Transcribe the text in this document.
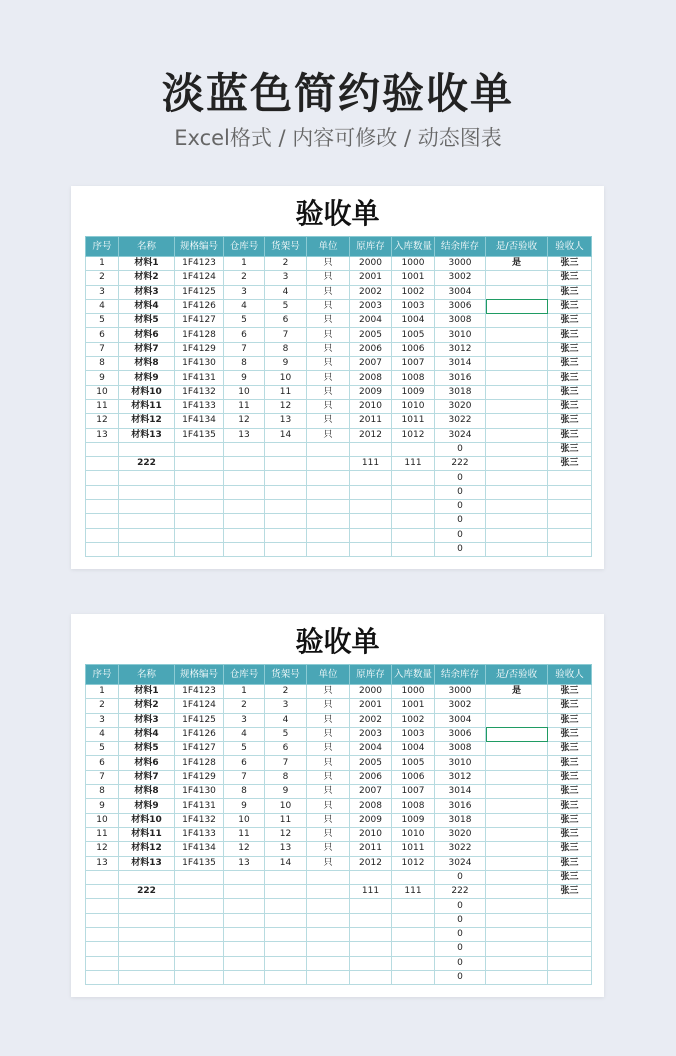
淡蓝色简约验收单
Excel格式 / 内容可修改 / 动态图表
验收单
序号	名称	规格编号	仓库号	货架号	单位	原库存	入库数量	结余库存	是/否验收	验收人
1	材料1	1F4123	1	2	只	2000	1000	3000	是	张三
2	材料2	1F4124	2	3	只	2001	1001	3002		张三
3	材料3	1F4125	3	4	只	2002	1002	3004		张三
4	材料4	1F4126	4	5	只	2003	1003	3006		张三
5	材料5	1F4127	5	6	只	2004	1004	3008		张三
6	材料6	1F4128	6	7	只	2005	1005	3010		张三
7	材料7	1F4129	7	8	只	2006	1006	3012		张三
8	材料8	1F4130	8	9	只	2007	1007	3014		张三
9	材料9	1F4131	9	10	只	2008	1008	3016		张三
10	材料10	1F4132	10	11	只	2009	1009	3018		张三
11	材料11	1F4133	11	12	只	2010	1010	3020		张三
12	材料12	1F4134	12	13	只	2011	1011	3022		张三
13	材料13	1F4135	13	14	只	2012	1012	3024		张三
								0		张三
	222					111	111	222		张三
								0		
								0		
								0		
								0		
								0		
								0		
验收单
序号	名称	规格编号	仓库号	货架号	单位	原库存	入库数量	结余库存	是/否验收	验收人
1	材料1	1F4123	1	2	只	2000	1000	3000	是	张三
2	材料2	1F4124	2	3	只	2001	1001	3002		张三
3	材料3	1F4125	3	4	只	2002	1002	3004		张三
4	材料4	1F4126	4	5	只	2003	1003	3006		张三
5	材料5	1F4127	5	6	只	2004	1004	3008		张三
6	材料6	1F4128	6	7	只	2005	1005	3010		张三
7	材料7	1F4129	7	8	只	2006	1006	3012		张三
8	材料8	1F4130	8	9	只	2007	1007	3014		张三
9	材料9	1F4131	9	10	只	2008	1008	3016		张三
10	材料10	1F4132	10	11	只	2009	1009	3018		张三
11	材料11	1F4133	11	12	只	2010	1010	3020		张三
12	材料12	1F4134	12	13	只	2011	1011	3022		张三
13	材料13	1F4135	13	14	只	2012	1012	3024		张三
								0		张三
	222					111	111	222		张三
								0		
								0		
								0		
								0		
								0		
								0		
